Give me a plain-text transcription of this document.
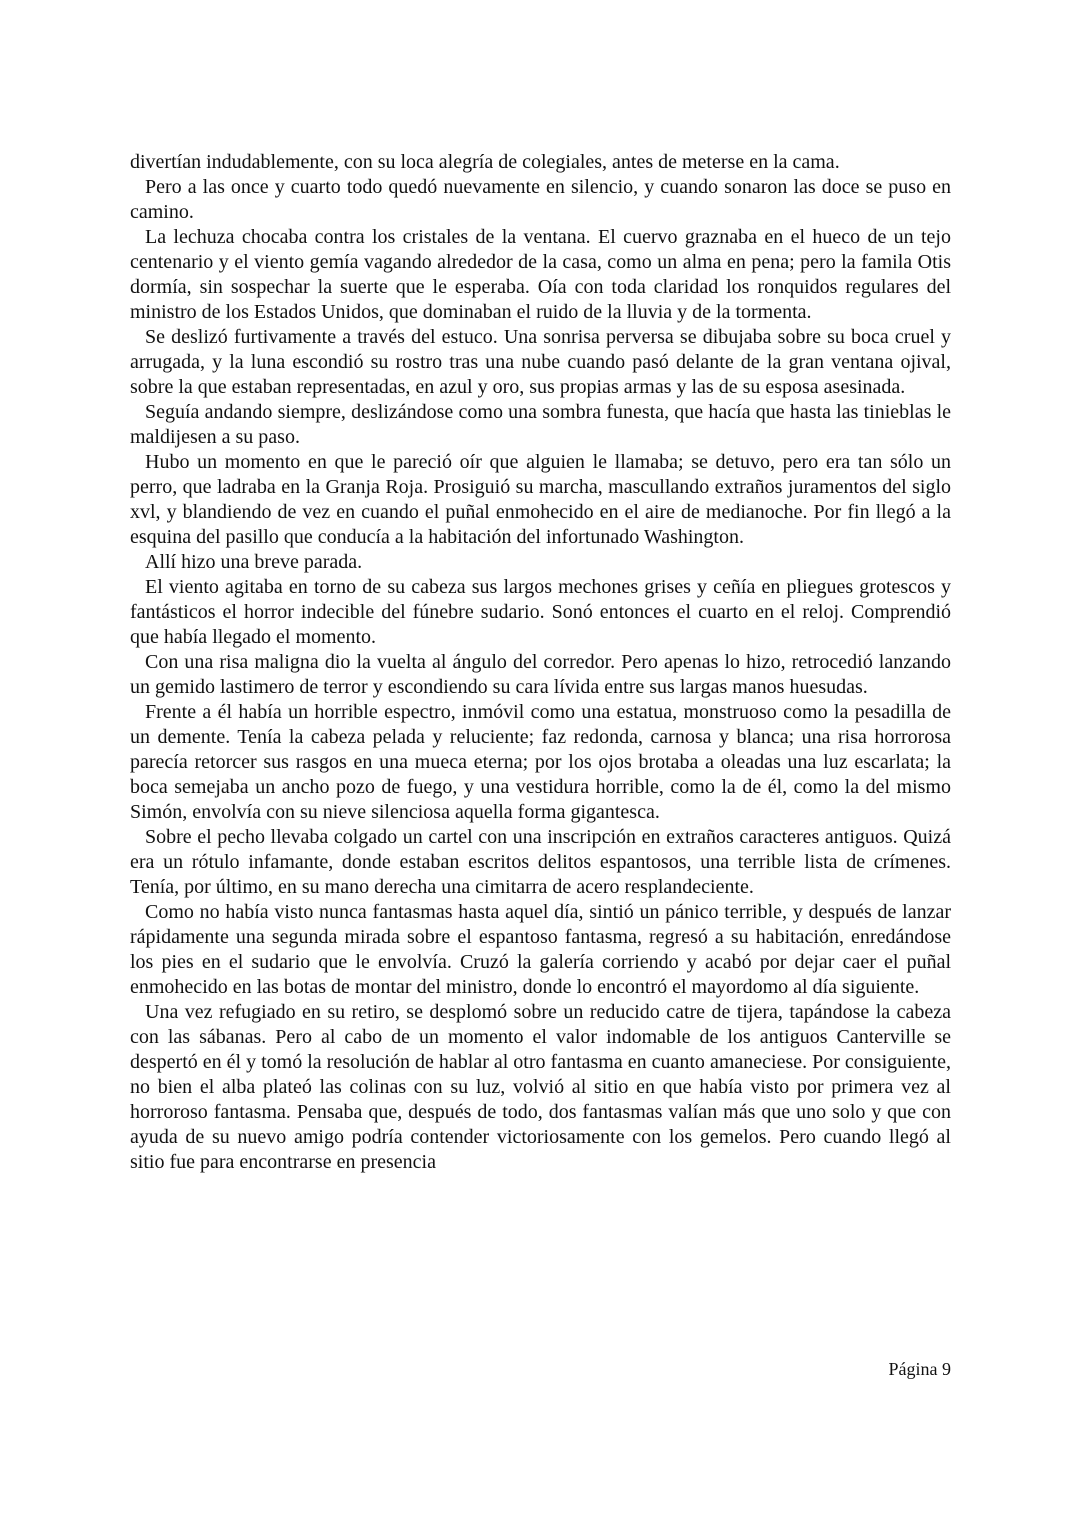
divertían indudablemente, con su loca alegría de colegiales, antes de meterse en la cama.

Pero a las once y cuarto todo quedó nuevamente en silencio, y cuando sonaron las doce se puso en camino.

La lechuza chocaba contra los cristales de la ventana. El cuervo graznaba en el hueco de un tejo centenario y el viento gemía vagando alrededor de la casa, como un alma en pena; pero la famila Otis dormía, sin sospechar la suerte que le esperaba. Oía con toda claridad los ronquidos regulares del ministro de los Estados Unidos, que dominaban el ruido de la lluvia y de la tormenta.

Se deslizó furtivamente a través del estuco. Una sonrisa perversa se dibujaba sobre su boca cruel y arrugada, y la luna escondió su rostro tras una nube cuando pasó delante de la gran ventana ojival, sobre la que estaban representadas, en azul y oro, sus propias armas y las de su esposa asesinada.

Seguía andando siempre, deslizándose como una sombra funesta, que hacía que hasta las tinieblas le maldijesen a su paso.

Hubo un momento en que le pareció oír que alguien le llamaba; se detuvo, pero era tan sólo un perro, que ladraba en la Granja Roja. Prosiguió su marcha, mascullando extraños juramentos del siglo xvl, y blandiendo de vez en cuando el puñal enmohecido en el aire de medianoche. Por fin llegó a la esquina del pasillo que conducía a la habitación del infortunado Washington.

Allí hizo una breve parada.

El viento agitaba en torno de su cabeza sus largos mechones grises y ceñía en pliegues grotescos y fantásticos el horror indecible del fúnebre sudario. Sonó entonces el cuarto en el reloj. Comprendió que había llegado el momento.

Con una risa maligna dio la vuelta al ángulo del corredor. Pero apenas lo hizo, retrocedió lanzando un gemido lastimero de terror y escondiendo su cara lívida entre sus largas manos huesudas.

Frente a él había un horrible espectro, inmóvil como una estatua, monstruoso como la pesadilla de un demente. Tenía la cabeza pelada y reluciente; faz redonda, carnosa y blanca; una risa horrorosa parecía retorcer sus rasgos en una mueca eterna; por los ojos brotaba a oleadas una luz escarlata; la boca semejaba un ancho pozo de fuego, y una vestidura horrible, como la de él, como la del mismo Simón, envolvía con su nieve silenciosa aquella forma gigantesca.

Sobre el pecho llevaba colgado un cartel con una inscripción en extraños caracteres antiguos. Quizá era un rótulo infamante, donde estaban escritos delitos espantosos, una terrible lista de crímenes. Tenía, por último, en su mano derecha una cimitarra de acero resplandeciente.

Como no había visto nunca fantasmas hasta aquel día, sintió un pánico terrible, y después de lanzar rápidamente una segunda mirada sobre el espantoso fantasma, regresó a su habitación, enredándose los pies en el sudario que le envolvía. Cruzó la galería corriendo y acabó por dejar caer el puñal enmohecido en las botas de montar del ministro, donde lo encontró el mayordomo al día siguiente.

Una vez refugiado en su retiro, se desplomó sobre un reducido catre de tijera, tapándose la cabeza con las sábanas. Pero al cabo de un momento el valor indomable de los antiguos Canterville se despertó en él y tomó la resolución de hablar al otro fantasma en cuanto amaneciese. Por consiguiente, no bien el alba plateó las colinas con su luz, volvió al sitio en que había visto por primera vez al horroroso fantasma. Pensaba que, después de todo, dos fantasmas valían más que uno solo y que con ayuda de su nuevo amigo podría contender victoriosamente con los gemelos. Pero cuando llegó al sitio fue para encontrarse en presencia

Página 9
